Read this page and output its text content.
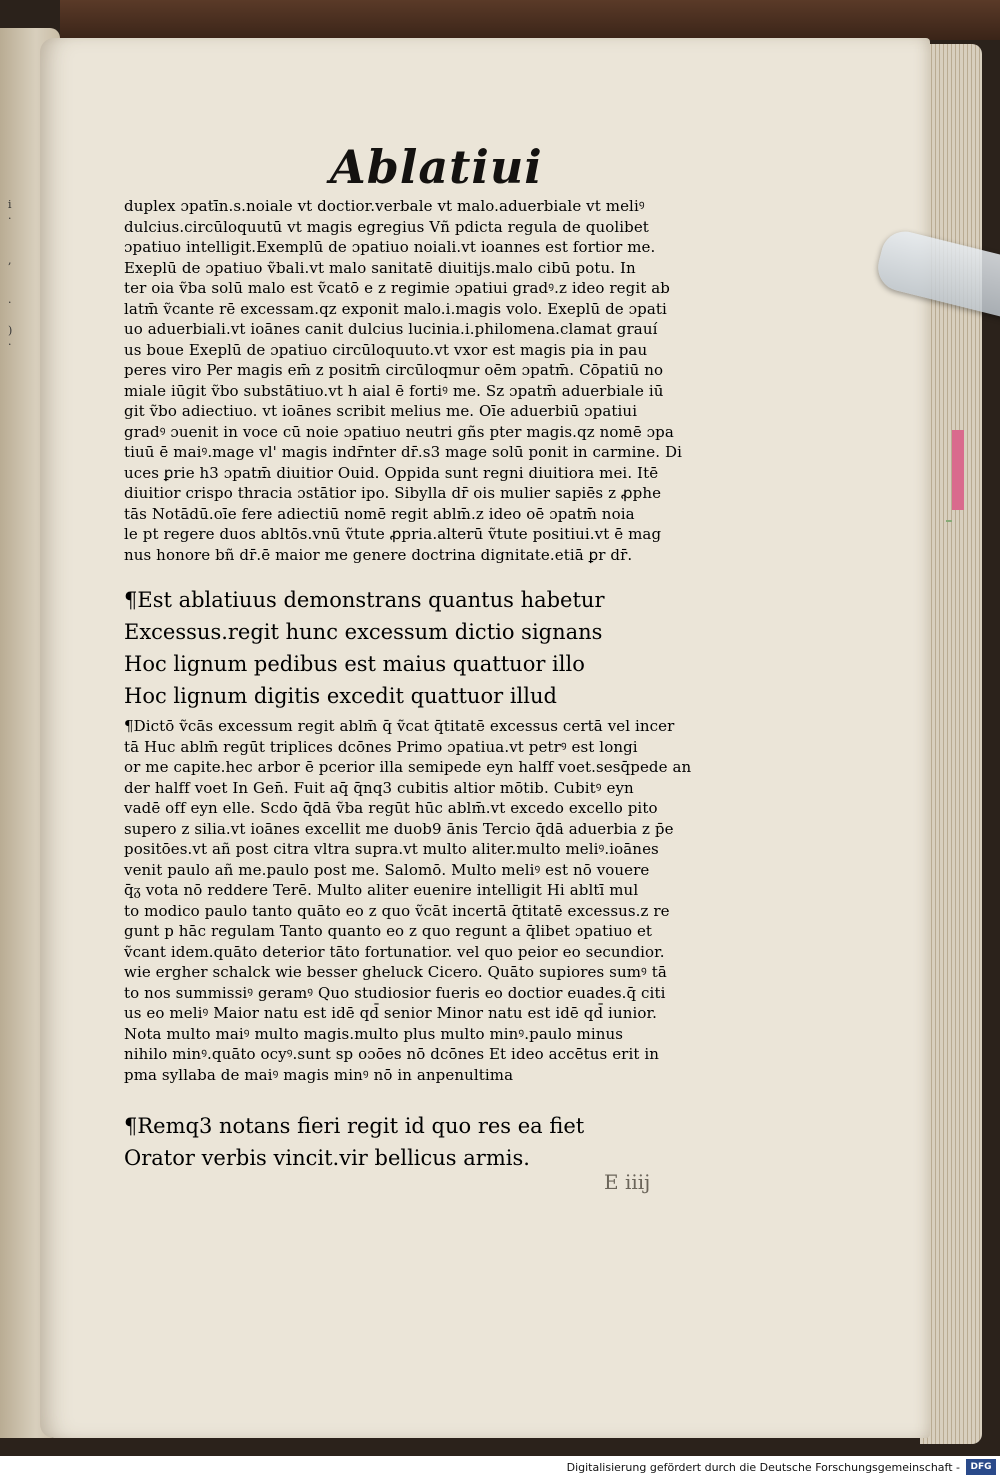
i
·

,

·

)
·
Ablatiui
duplex ɔpatīn.s.noiale vt doctior.verbale vt malo.aduerbiale vt meliꝰ
dulcius.circūloquutū vt magis egregius Vñ pdicta regula de quolibet
ɔpatiuo intelligit.Exemplū de ɔpatiuo noiali.vt ioannes est fortior me.
Exeplū de ɔpatiuo ṽbali.vt malo sanitatē diuitijs.malo cibū potu. In
ter oia ṽba solū malo est ṽcatō e z regimie ɔpatiui gradꝰ.z ideo regit ab
latm̄ ṽcante rē excessam.qz exponit malo.i.magis volo. Exeplū de ɔpati
uo aduerbiali.vt ioānes canit dulcius lucinia.i.philomena.clamat grauí
us boue Exeplū de ɔpatiuo circūloquuto.vt vxor est magis pia in pau
peres viro Per magis em̄ z positm̄ circūloqmur oēm ɔpatm̄. Cōpatiū no
miale iūgit ṽbo substātiuo.vt h aial ē fortiꝰ me. Sz ɔpatm̄ aduerbiale iū
git ṽbo adiectiuo. vt ioānes scribit melius me. Oīe aduerbiū ɔpatiui
gradꝰ ɔuenit in voce cū noie ɔpatiuo neutri gñs pter magis.qz nomē ɔpa
tiuū ē maiꝰ.mage vl' magis indr̄nter dr̄.s3 mage solū ponit in carmine. Di
uces ꝑrie h3 ɔpatm̄ diuitior Ouid. Oppida sunt regni diuitiora mei. Itē
diuitior crispo thracia ɔstātior ipo. Sibylla dr̄ ois mulier sapiēs z ꝓphe
tās Notādū.oīe fere adiectiū nomē regit ablm̄.z ideo oē ɔpatm̄ noia
le pt regere duos abltōs.vnū ṽtute ꝓpria.alterū ṽtute positiui.vt ē mag
nus honore bñ dr̄.ē maior me genere doctrina dignitate.etiā ꝑr dr̄.
¶Est ablatiuus demonstrans quantus habetur
Excessus.regit hunc excessum dictio signans
Hoc lignum pedibus est maius quattuor illo
Hoc lignum digitis excedit quattuor illud
¶Dictō ṽcās excessum regit ablm̄ q̄ ṽcat q̄titatē excessus certā vel incer
tā Huc ablm̄ regūt triplices dcōnes Primo ɔpatiua.vt petrꝰ est longi
or me capite.hec arbor ē pcerior illa semipede eyn halff voet.sesq̄pede an
der halff voet In Gen̄. Fuit aq̄ q̄nq3 cubitis altior mōtib. Cubitꝰ eyn
vadē off eyn elle. Scdo q̄dā ṽba regūt hūc ablm̄.vt excedo excello pito
supero z silia.vt ioānes excellit me duob9 ānis Tercio q̄dā aduerbia z p̄e
positōes.vt añ post citra vltra supra.vt multo aliter.multo meliꝰ.ioānes
venit paulo añ me.paulo post me. Salomō. Multo meliꝰ est nō vouere
q̄ᵹ vota nō reddere Terē. Multo aliter euenire intelligit Hi abltī mul
to modico paulo tanto quāto eo z quo ṽcāt incertā q̄titatē excessus.z re
gunt p hāc regulam Tanto quanto eo z quo regunt a q̄libet ɔpatiuo et
ṽcant idem.quāto deterior tāto fortunatior. vel quo peior eo secundior.
wie ergher schalck wie besser gheluck Cicero. Quāto supiores sumꝰ tā
to nos summissiꝰ geramꝰ Quo studiosior fueris eo doctior euades.q̄ citi
us eo meliꝰ Maior natu est idē qd̄ senior Minor natu est idē qd̄ iunior.
Nota multo maiꝰ multo magis.multo plus multo minꝰ.paulo minus
nihilo minꝰ.quāto ocyꝰ.sunt sp oɔōes nō dcōnes Et ideo accētus erit in
pma syllaba de maiꝰ magis minꝰ nō in anpenultima
¶Remq3 notans fieri regit id quo res ea fiet
Orator verbis vincit.vir bellicus armis.
E iiij
Digitalisierung gefördert durch die Deutsche Forschungsgemeinschaft -	DFG
